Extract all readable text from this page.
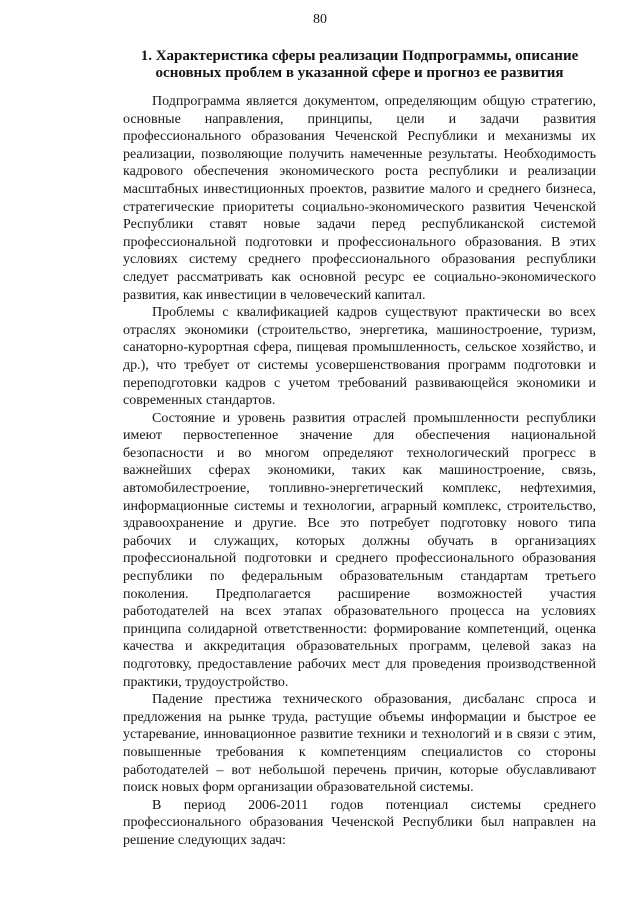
80
1. Характеристика сферы реализации Подпрограммы, описание
основных проблем в указанной сфере и прогноз ее развития
Подпрограмма является документом, определяющим общую стратегию,
основные направления, принципы, цели и задачи развития
профессионального образования Чеченской Республики и механизмы их
реализации, позволяющие получить намеченные результаты. Необходимость
кадрового обеспечения экономического роста республики и реализации
масштабных инвестиционных проектов, развитие малого и среднего бизнеса,
стратегические приоритеты социально-экономического развития Чеченской
Республики ставят новые задачи перед республиканской системой
профессиональной подготовки и профессионального образования. В этих
условиях систему среднего профессионального образования республики
следует рассматривать как основной ресурс ее социально-экономического
развития, как инвестиции в человеческий капитал.
Проблемы с квалификацией кадров существуют практически во всех
отраслях экономики (строительство, энергетика, машиностроение, туризм,
санаторно-курортная сфера, пищевая промышленность, сельское хозяйство, и
др.), что требует от системы усовершенствования программ подготовки и
переподготовки кадров с учетом требований развивающейся экономики и
современных стандартов.
Состояние и уровень развития отраслей промышленности республики
имеют первостепенное значение для обеспечения национальной
безопасности и во многом определяют технологический прогресс в
важнейших сферах экономики, таких как машиностроение, связь,
автомобилестроение, топливно-энергетический комплекс, нефтехимия,
информационные системы и технологии, аграрный комплекс, строительство,
здравоохранение и другие. Все это потребует подготовку нового типа
рабочих и служащих, которых должны обучать в организациях
профессиональной подготовки и среднего профессионального образования
республики по федеральным образовательным стандартам третьего
поколения. Предполагается расширение возможностей участия
работодателей на всех этапах образовательного процесса на условиях
принципа солидарной ответственности: формирование компетенций, оценка
качества и аккредитация образовательных программ, целевой заказ на
подготовку, предоставление рабочих мест для проведения производственной
практики, трудоустройство.
Падение престижа технического образования, дисбаланс спроса и
предложения на рынке труда, растущие объемы информации и быстрое ее
устаревание, инновационное развитие техники и технологий и в связи с этим,
повышенные требования к компетенциям специалистов со стороны
работодателей – вот небольшой перечень причин, которые обуславливают
поиск новых форм организации образовательной системы.
В период 2006-2011 годов потенциал системы среднего
профессионального образования Чеченской Республики был направлен на
решение следующих задач:
